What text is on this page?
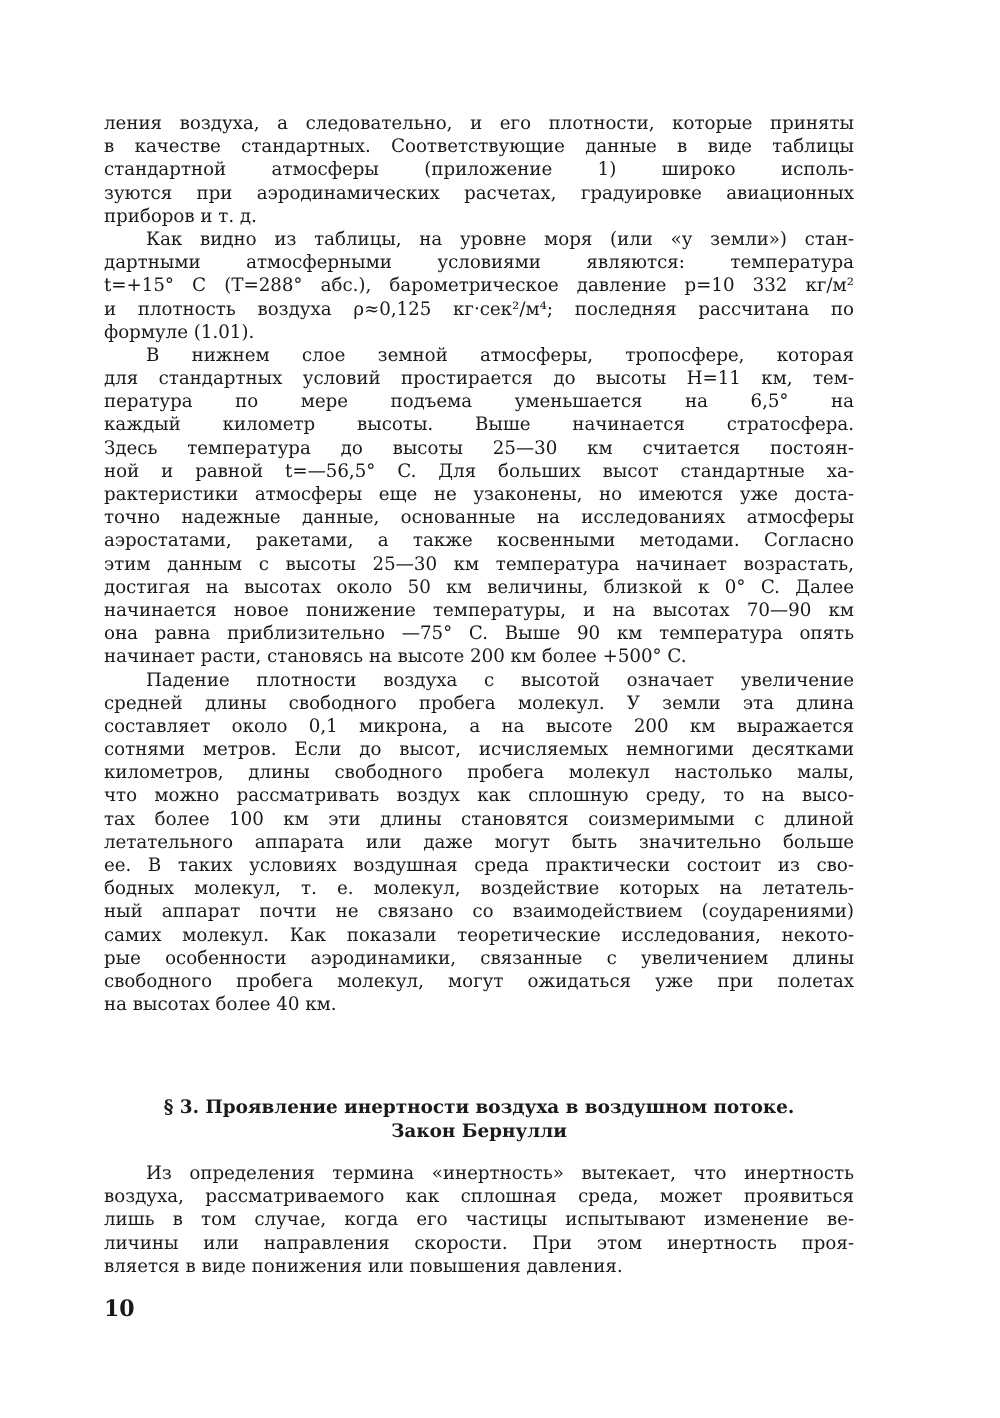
ления воздуха, а следовательно, и его плотности, которые приняты
в качестве стандартных. Соответствующие данные в виде таблицы
стандартной атмосферы (приложение 1) широко исполь-
зуются при аэродинамических расчетах, градуировке авиационных
приборов и т. д.
Как видно из таблицы, на уровне моря (или «у земли») стан-
дартными атмосферными условиями являются: температура
t=+15° C (T=288° абс.), барометрическое давление p=10 332 кг/м²
и плотность воздуха ρ≈0,125 кг·сек²/м⁴; последняя рассчитана по
формуле (1.01).
В нижнем слое земной атмосферы, тропосфере, которая
для стандартных условий простирается до высоты H=11 км, тем-
пература по мере подъема уменьшается на 6,5° на
каждый километр высоты. Выше начинается стратосфера.
Здесь температура до высоты 25—30 км считается постоян-
ной и равной t=—56,5° C. Для больших высот стандартные ха-
рактеристики атмосферы еще не узаконены, но имеются уже доста-
точно надежные данные, основанные на исследованиях атмосферы
аэростатами, ракетами, а также косвенными методами. Согласно
этим данным с высоты 25—30 км температура начинает возрастать,
достигая на высотах около 50 км величины, близкой к 0° C. Далее
начинается новое понижение температуры, и на высотах 70—90 км
она равна приблизительно —75° C. Выше 90 км температура опять
начинает расти, становясь на высоте 200 км более +500° C.
Падение плотности воздуха с высотой означает увеличение
средней длины свободного пробега молекул. У земли эта длина
составляет около 0,1 микрона, а на высоте 200 км выражается
сотнями метров. Если до высот, исчисляемых немногими десятками
километров, длины свободного пробега молекул настолько малы,
что можно рассматривать воздух как сплошную среду, то на высо-
тах более 100 км эти длины становятся соизмеримыми с длиной
летательного аппарата или даже могут быть значительно больше
ее. В таких условиях воздушная среда практически состоит из сво-
бодных молекул, т. е. молекул, воздействие которых на летатель-
ный аппарат почти не связано со взаимодействием (соударениями)
самих молекул. Как показали теоретические исследования, некото-
рые особенности аэродинамики, связанные с увеличением длины
свободного пробега молекул, могут ожидаться уже при полетах
на высотах более 40 км.
§ 3. Проявление инертности воздуха в воздушном потоке.
Закон Бернулли
Из определения термина «инертность» вытекает, что инертность
воздуха, рассматриваемого как сплошная среда, может проявиться
лишь в том случае, когда его частицы испытывают изменение ве-
личины или направления скорости. При этом инертность проя-
вляется в виде понижения или повышения давления.
10
